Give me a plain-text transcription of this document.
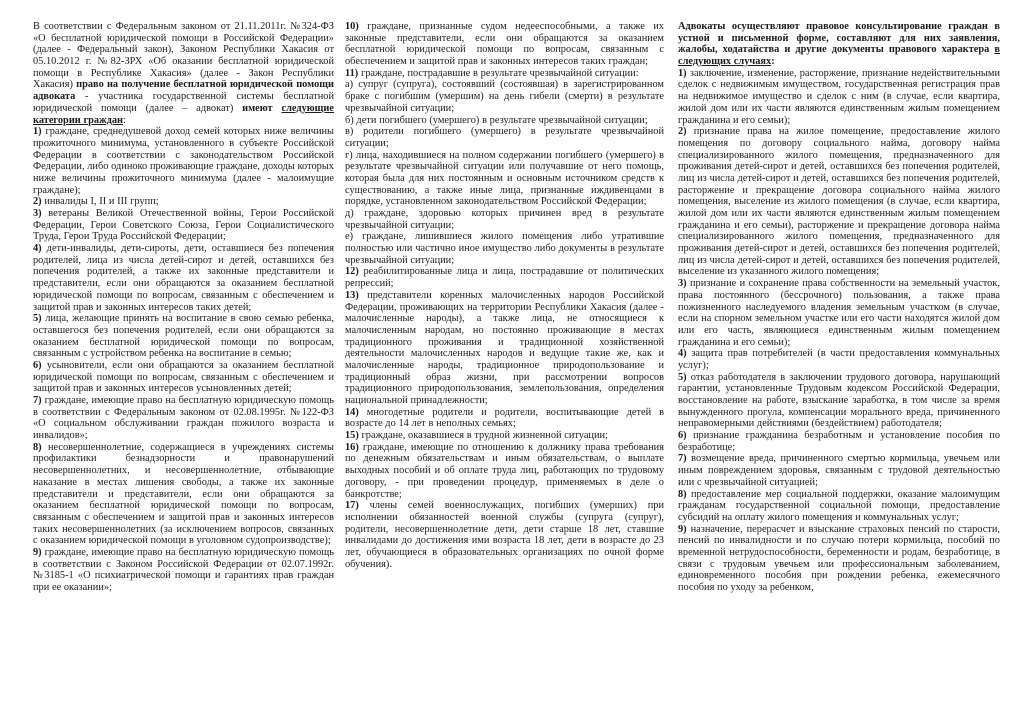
В соответствии с Федеральным законом от 21.11.2011г. №324-ФЗ «О бесплатной юридической помощи в Российской Федерации» (далее - Федеральный закон), Законом Республики Хакасия от 05.10.2012 г. №82-ЗРХ «Об оказании бесплатной юридической помощи в Республике Хакасия» (далее - Закон Республики Хакасия) право на получение бесплатной юридической помощи адвоката - участника государственной системы бесплатной юридической помощи (далее – адвокат) имеют следующие категории граждан:

1) граждане, среднедушевой доход семей которых ниже величины прожиточного минимума, установленного в субъекте Российской Федерации в соответствии с законодательством Российской Федерации, либо одиноко проживающие граждане, доходы которых ниже величины прожиточного минимума (далее - малоимущие граждане);

2) инвалиды I, II и III групп;

3) ветераны Великой Отечественной войны, Герои Российской Федерации, Герои Советского Союза, Герои Социалистического Труда, Герои Труда Российской Федерации;

4) дети-инвалиды, дети-сироты, дети, оставшиеся без попечения родителей, лица из числа детей-сирот и детей, оставшихся без попечения родителей, а также их законные представители и представители, если они обращаются за оказанием бесплатной юридической помощи по вопросам, связанным с обеспечением и защитой прав и законных интересов таких детей;

5) лица, желающие принять на воспитание в свою семью ребенка, оставшегося без попечения родителей, если они обращаются за оказанием бесплатной юридической помощи по вопросам, связанным с устройством ребенка на воспитание в семью;

6) усыновители, если они обращаются за оказанием бесплатной юридической помощи по вопросам, связанным с обеспечением и защитой прав и законных интересов усыновленных детей;

7) граждане, имеющие право на бесплатную юридическую помощь в соответствии с Федеральным законом от 02.08.1995г. №122-ФЗ «О социальном обслуживании граждан пожилого возраста и инвалидов»;

8) несовершеннолетние, содержащиеся в учреждениях системы профилактики безнадзорности и правонарушений несовершеннолетних, и несовершеннолетние, отбывающие наказание в местах лишения свободы, а также их законные представители и представители, если они обращаются за оказанием бесплатной юридической помощи по вопросам, связанным с обеспечением и защитой прав и законных интересов таких несовершеннолетних (за исключением вопросов, связанных с оказанием юридической помощи в уголовном судопроизводстве);

9) граждане, имеющие право на бесплатную юридическую помощь в соответствии с Законом Российской Федерации от 02.07.1992г. №3185-1 «О психиатрической помощи и гарантиях прав граждан при ее оказании»;

10) граждане, признанные судом недееспособными, а также их законные представители, если они обращаются за оказанием бесплатной юридической помощи по вопросам, связанным с обеспечением и защитой прав и законных интересов таких граждан;

11) граждане, пострадавшие в результате чрезвычайной ситуации:

а) супруг (супруга), состоявший (состоявшая) в зарегистрированном браке с погибшим (умершим) на день гибели (смерти) в результате чрезвычайной ситуации;

б) дети погибшего (умершего) в результате чрезвычайной ситуации;

в) родители погибшего (умершего) в результате чрезвычайной ситуации;

г) лица, находившиеся на полном содержании погибшего (умершего) в результате чрезвычайной ситуации или получавшие от него помощь, которая была для них постоянным и основным источником средств к существованию, а также иные лица, признанные иждивенцами в порядке, установленном законодательством Российской Федерации;

д) граждане, здоровью которых причинен вред в результате чрезвычайной ситуации;

е) граждане, лишившиеся жилого помещения либо утратившие полностью или частично иное имущество либо документы в результате чрезвычайной ситуации;

12) реабилитированные лица и лица, пострадавшие от политических репрессий;

13) представители коренных малочисленных народов Российской Федерации, проживающих на территории Республики Хакасия (далее - малочисленные народы), а также лица, не относящиеся к малочисленным народам, но постоянно проживающие в местах традиционного проживания и традиционной хозяйственной деятельности малочисленных народов и ведущие такие же, как и малочисленные народы, традиционное природопользование и традиционный образ жизни, при рассмотрении вопросов традиционного природопользования, землепользования, определения национальной принадлежности;

14) многодетные родители и родители, воспитывающие детей в возрасте до 14 лет в неполных семьях;

15) граждане, оказавшиеся в трудной жизненной ситуации;

16) граждане, имеющие по отношению к должнику права требования по денежным обязательствам и иным обязательствам, о выплате выходных пособий и об оплате труда лиц, работающих по трудовому договору, - при проведении процедур, применяемых в деле о банкротстве;

17) члены семей военнослужащих, погибших (умерших) при исполнении обязанностей военной службы (супруга (супруг), родители, несовершеннолетние дети, дети старше 18 лет, ставшие инвалидами до достижения ими возраста 18 лет, дети в возрасте до 23 лет, обучающиеся в образовательных организациях по очной форме обучения).

Адвокаты осуществляют правовое консультирование граждан в устной и письменной форме, составляют для них заявления, жалобы, ходатайства и другие документы правового характера в следующих случаях:

1) заключение, изменение, расторжение, признание недействительными сделок с недвижимым имуществом, государственная регистрация прав на недвижимое имущество и сделок с ним (в случае, если квартира, жилой дом или их части являются единственным жилым помещением гражданина и его семьи);

2) признание права на жилое помещение, предоставление жилого помещения по договору социального найма, договору найма специализированного жилого помещения, предназначенного для проживания детей-сирот и детей, оставшихся без попечения родителей, лиц из числа детей-сирот и детей, оставшихся без попечения родителей, расторжение и прекращение договора социального найма жилого помещения, выселение из жилого помещения (в случае, если квартира, жилой дом или их части являются единственным жилым помещением гражданина и его семьи), расторжение и прекращение договора найма специализированного жилого помещения, предназначенного для проживания детей-сирот и детей, оставшихся без попечения родителей, лиц из числа детей-сирот и детей, оставшихся без попечения родителей, выселение из указанного жилого помещения;

3) признание и сохранение права собственности на земельный участок, права постоянного (бессрочного) пользования, а также права пожизненного наследуемого владения земельным участком (в случае, если на спорном земельном участке или его части находятся жилой дом или его часть, являющиеся единственным жилым помещением гражданина и его семьи);

4) защита прав потребителей (в части предоставления коммунальных услуг);

5) отказ работодателя в заключении трудового договора, нарушающий гарантии, установленные Трудовым кодексом Российской Федерации, восстановление на работе, взыскание заработка, в том числе за время вынужденного прогула, компенсации морального вреда, причиненного неправомерными действиями (бездействием) работодателя;

6) признание гражданина безработным и установление пособия по безработице;

7) возмещение вреда, причиненного смертью кормильца, увечьем или иным повреждением здоровья, связанным с трудовой деятельностью или с чрезвычайной ситуацией;

8) предоставление мер социальной поддержки, оказание малоимущим гражданам государственной социальной помощи, предоставление субсидий на оплату жилого помещения и коммунальных услуг;

9) назначение, перерасчет и взыскание страховых пенсий по старости, пенсий по инвалидности и по случаю потери кормильца, пособий по временной нетрудоспособности, беременности и родам, безработице, в связи с трудовым увечьем или профессиональным заболеванием, единовременного пособия при рождении ребенка, ежемесячного пособия по уходу за ребенком,
